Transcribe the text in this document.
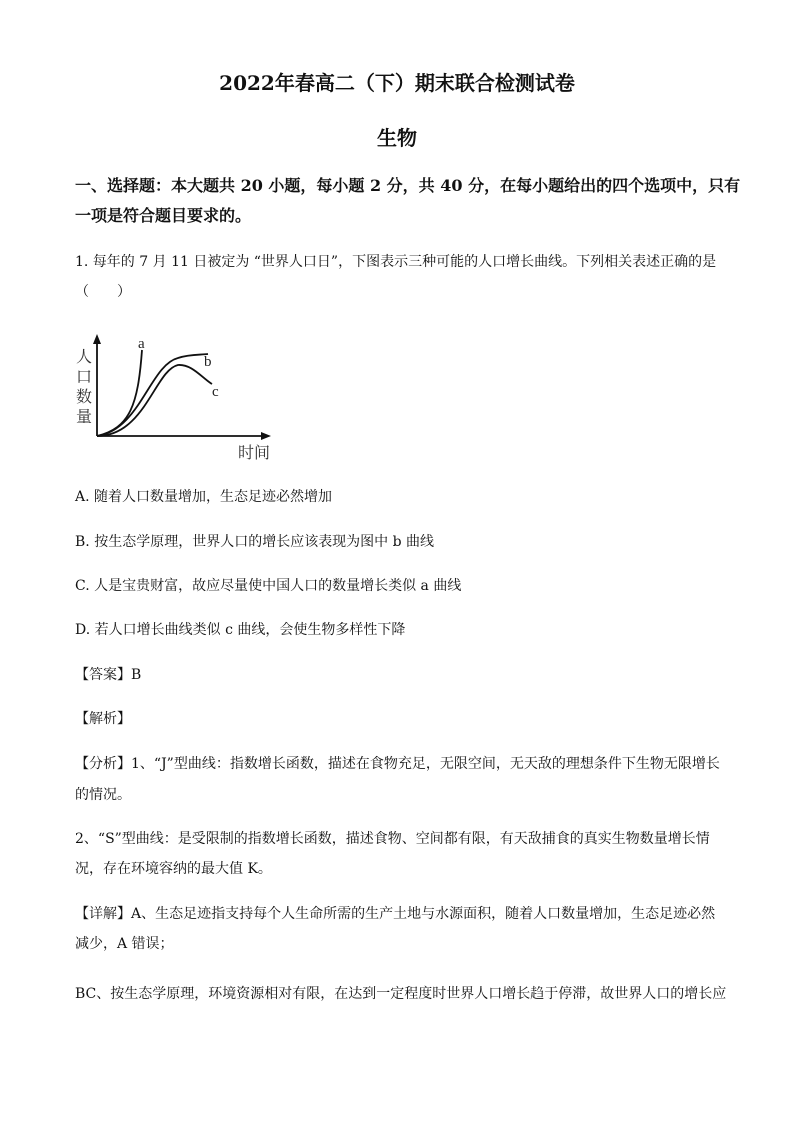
2022年春高二（下）期末联合检测试卷
生物
一、选择题：本大题共 20 小题，每小题 2 分，共 40 分，在每小题给出的四个选项中，只有
一项是符合题目要求的。
1. 每年的 7 月 11 日被定为 “世界人口日”，下图表示三种可能的人口增长曲线。下列相关表述正确的是
（　　）
人
口
数
量
时间
a
b
c
A. 随着人口数量增加，生态足迹必然增加
B. 按生态学原理，世界人口的增长应该表现为图中 b 曲线
C. 人是宝贵财富，故应尽量使中国人口的数量增长类似 a 曲线
D. 若人口增长曲线类似 c 曲线，会使生物多样性下降
【答案】B
【解析】
【分析】1、“J”型曲线：指数增长函数，描述在食物充足，无限空间，无天敌的理想条件下生物无限增长
的情况。
2、“S”型曲线：是受限制的指数增长函数，描述食物、空间都有限，有天敌捕食的真实生物数量增长情
况，存在环境容纳的最大值 K。
【详解】A、生态足迹指支持每个人生命所需的生产土地与水源面积，随着人口数量增加，生态足迹必然
减少，A 错误；
BC、按生态学原理，环境资源相对有限，在达到一定程度时世界人口增长趋于停滞，故世界人口的增长应
